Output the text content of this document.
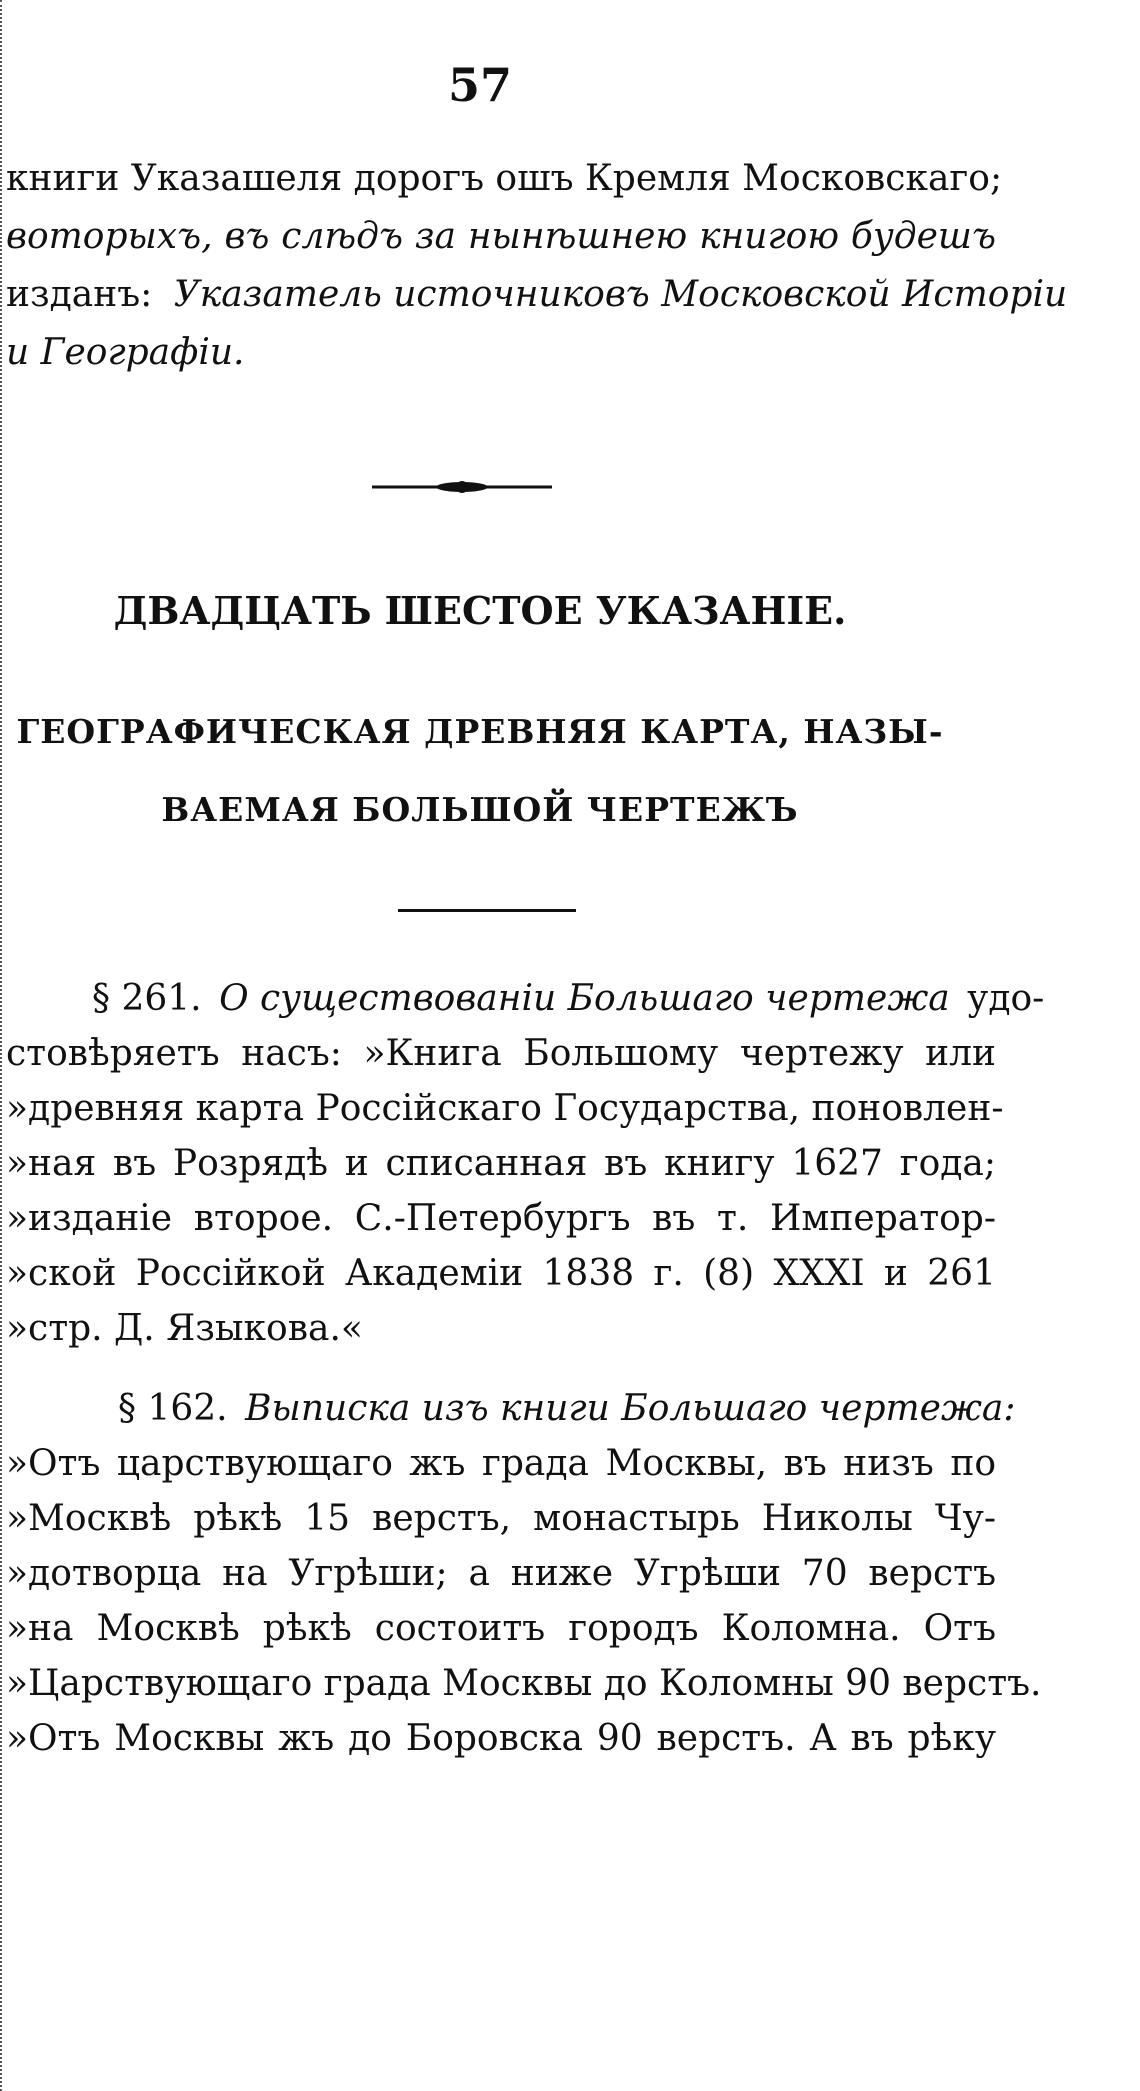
57
книги Указашеля дорогъ ошъ Кремля Московскаго;
воторыхъ, въ слѣдъ за нынѣшнею книгою будешъ
изданъ: Указатель источниковъ Московской Исторіи
и Географіи.
ДВАДЦАТЬ ШЕСТОЕ УКАЗАНІЕ.
ГЕОГРАФИЧЕСКАЯ ДРЕВНЯЯ КАРТА, НАЗЫ-
ВАЕМАЯ БОЛЬШОЙ ЧЕРТЕЖЪ
§ 261. О существованіи Большаго чертежа удо-
стовѣряетъ насъ: »Книга Большому чертежу или
»древняя карта Россійскаго Государства, поновлен-
»ная въ Розрядѣ и списанная въ книгу 1627 года;
»изданіе второе. С.-Петербургъ въ т. Император-
»ской Россійкой Академіи 1838 г. (8) XXXI и 261
»стр. Д. Языкова.«
§ 162. Выписка изъ книги Большаго чертежа:
»Отъ царствующаго жъ града Москвы, въ низъ по
»Москвѣ рѣкѣ 15 верстъ, монастырь Николы Чу-
»дотворца на Угрѣши; а ниже Угрѣши 70 верстъ
»на Москвѣ рѣкѣ состоитъ городъ Коломна. Отъ
»Царствующаго града Москвы до Коломны 90 верстъ.
»Отъ Москвы жъ до Боровска 90 верстъ. А въ рѣку
